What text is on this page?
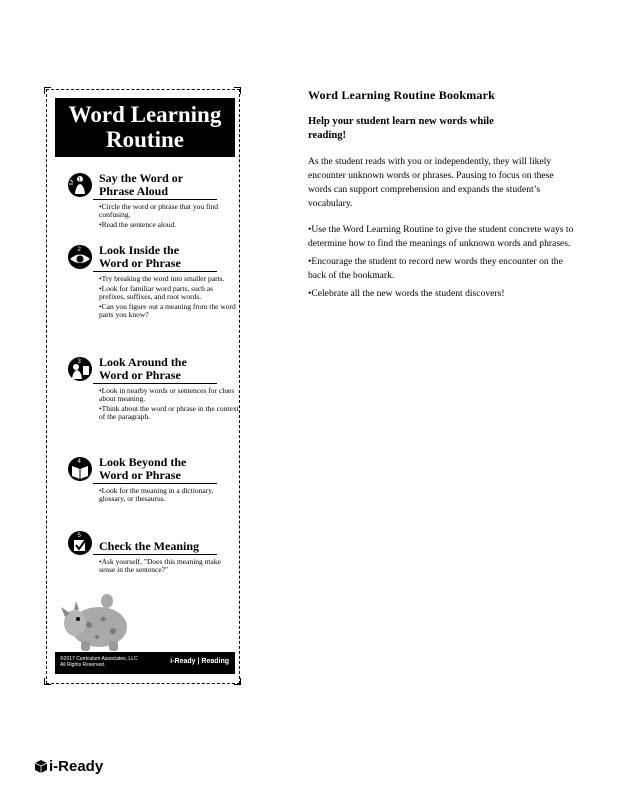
Word Learning
Routine
1 Say the Word or
Phrase Aloud
•Circle the word or phrase that you find confusing.
•Read the sentence aloud.
2 Look Inside the
Word or Phrase
•Try breaking the word into smaller parts.
•Look for familiar word parts, such as prefixes, suffixes, and root words.
•Can you figure out a meaning from the word parts you know?
3 Look Around the
Word or Phrase
•Look in nearby words or sentences for clues about meaning.
•Think about the word or phrase in the context of the paragraph.
4 Look Beyond the
Word or Phrase
•Look for the meaning in a dictionary, glossary, or thesaurus.
5
Check the Meaning
•Ask yourself, "Does this meaning make sense in the sentence?"
©2017 Curriculum Associates, LLC
All Rights Reserved.	i-Ready | Reading
Word Learning Routine Bookmark
Help your student learn new words while
reading!

As the student reads with you or independently, they will likely encounter unknown words or phrases. Pausing to focus on these words can support comprehension and expands the student’s vocabulary.

•Use the Word Learning Routine to give the student concrete ways to determine how to find the meanings of unknown words and phrases.
•Encourage the student to record new words they encounter on the back of the bookmark.
•Celebrate all the new words the student discovers!
i-Ready
